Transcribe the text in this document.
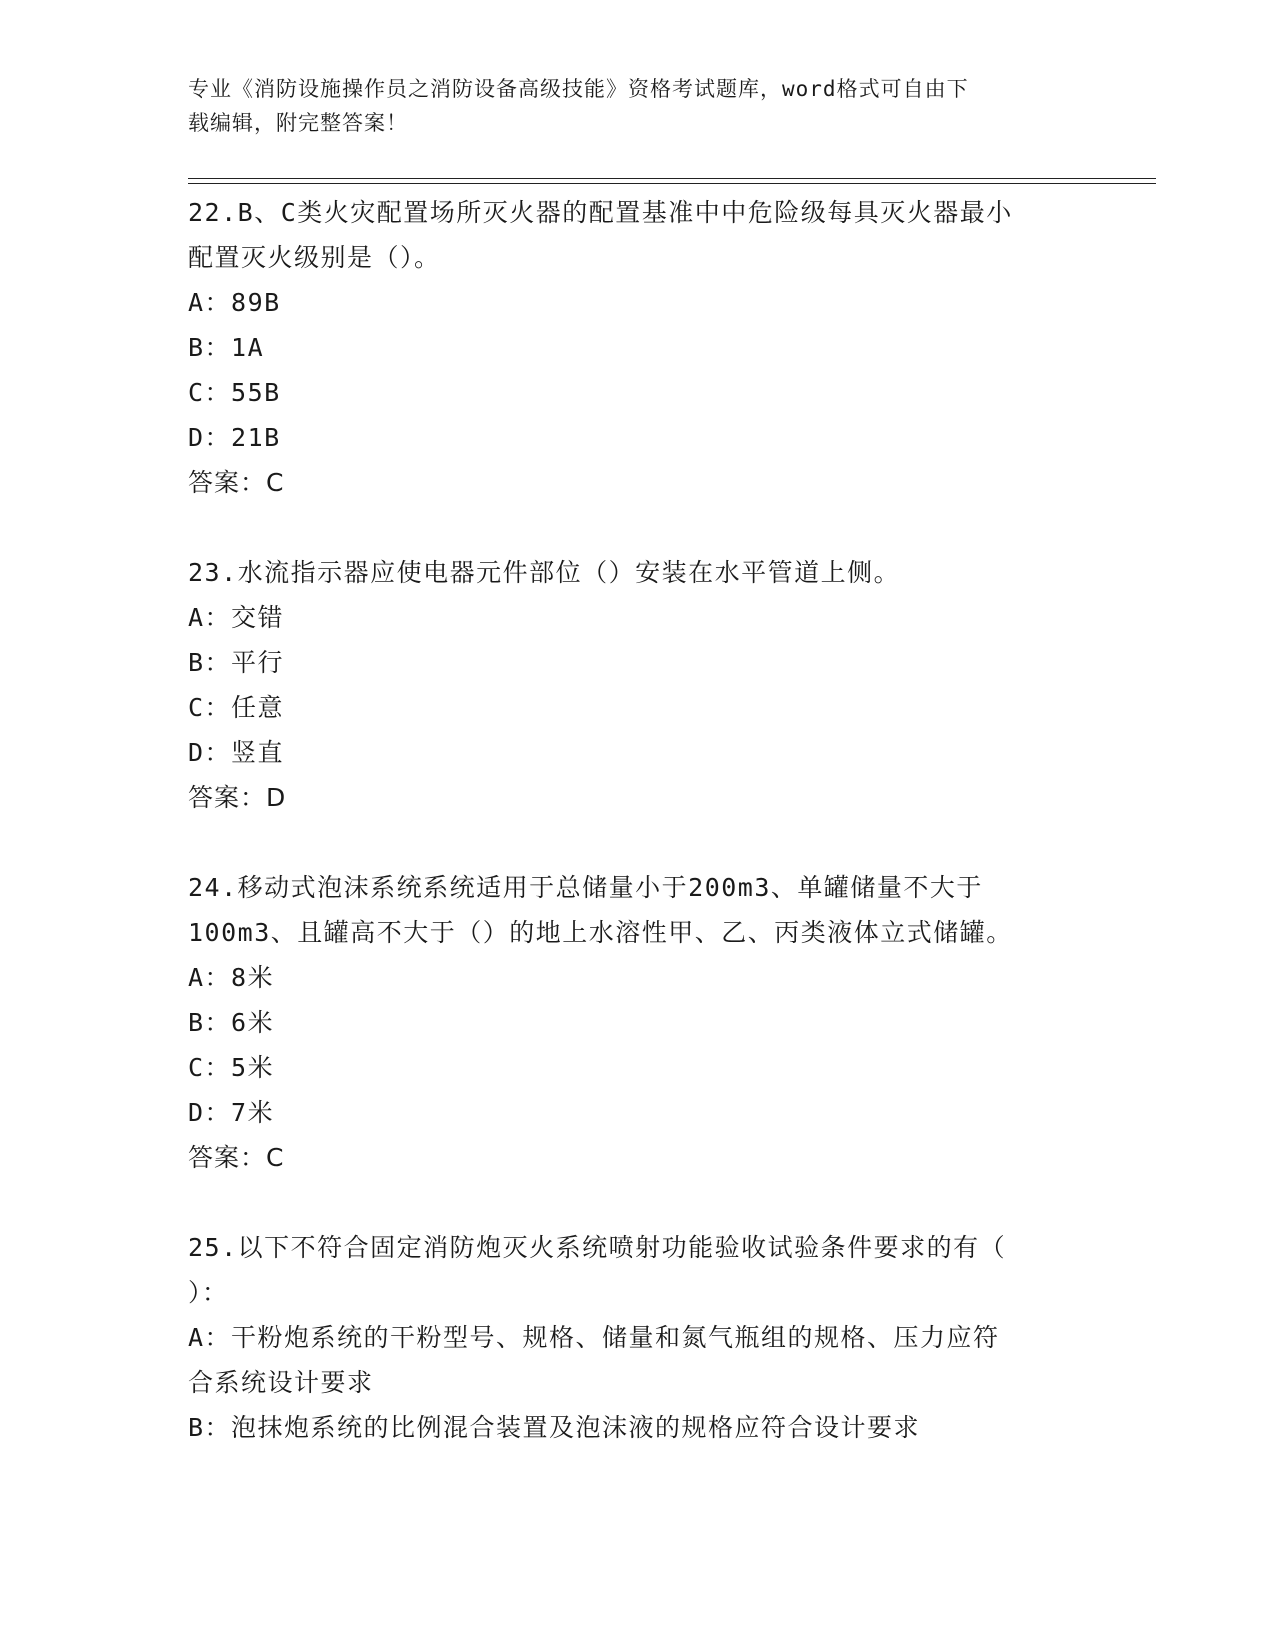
专业《消防设施操作员之消防设备高级技能》资格考试题库，word格式可自由下
载编辑，附完整答案！

22.B、C类火灾配置场所灭火器的配置基准中中危险级每具灭火器最小

配置灭火级别是（）。

A：89B

B：1A

C：55B

D：21B

答案：C

23.水流指示器应使电器元件部位（）安装在水平管道上侧。

A：交错

B：平行

C：任意

D：竖直

答案：D

24.移动式泡沫系统系统适用于总储量小于200m3、单罐储量不大于

100m3、且罐高不大于（）的地上水溶性甲、乙、丙类液体立式储罐。

A：8米

B：6米

C：5米

D：7米

答案：C

25.以下不符合固定消防炮灭火系统喷射功能验收试验条件要求的有（

）：

A：干粉炮系统的干粉型号、规格、储量和氮气瓶组的规格、压力应符

合系统设计要求

B：泡抹炮系统的比例混合装置及泡沫液的规格应符合设计要求
